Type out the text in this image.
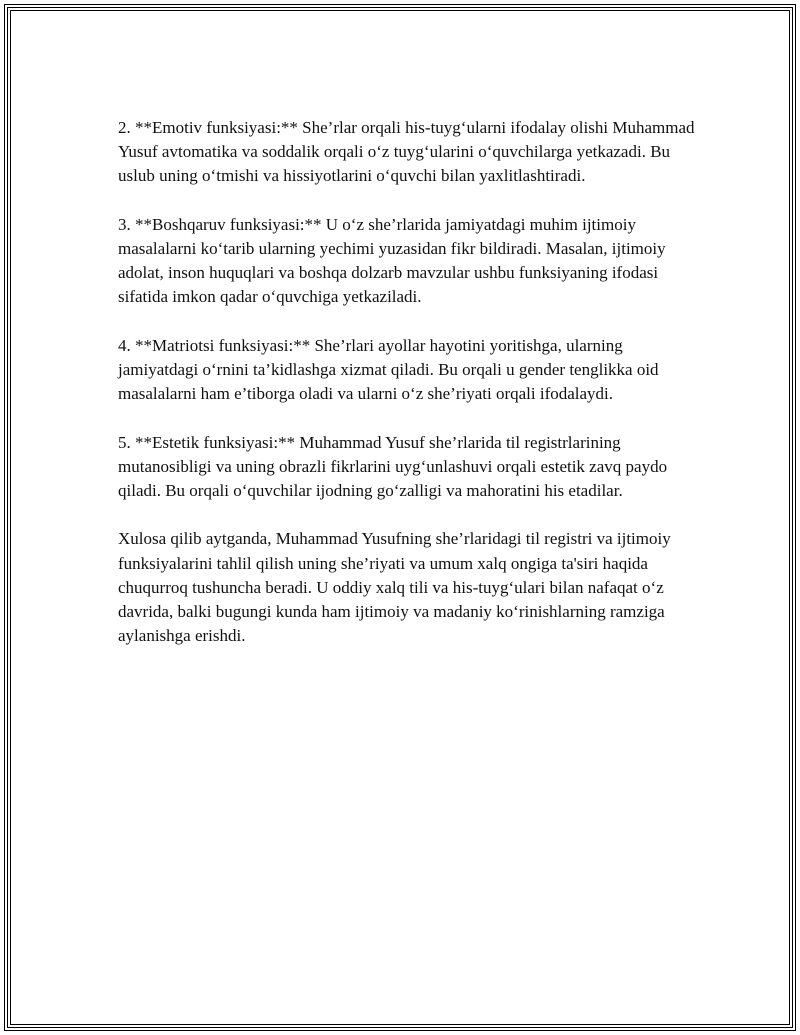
2. **Emotiv funksiyasi:** She’rlar orqali his-tuyg‘ularni ifodalay olishi Muhammad Yusuf avtomatika va soddalik orqali o‘z tuyg‘ularini o‘quvchilarga yetkazadi. Bu uslub uning o‘tmishi va hissiyotlarini o‘quvchi bilan yaxlitlashtiradi.

3. **Boshqaruv funksiyasi:** U o‘z she’rlarida jamiyatdagi muhim ijtimoiy masalalarni ko‘tarib ularning yechimi yuzasidan fikr bildiradi. Masalan, ijtimoiy adolat, inson huquqlari va boshqa dolzarb mavzular ushbu funksiyaning ifodasi sifatida imkon qadar o‘quvchiga yetkaziladi.

4. **Matriotsi funksiyasi:** She’rlari ayollar hayotini yoritishga, ularning jamiyatdagi o‘rnini ta’kidlashga xizmat qiladi. Bu orqali u gender tenglikka oid masalalarni ham e’tiborga oladi va ularni o‘z she’riyati orqali ifodalaydi.

5. **Estetik funksiyasi:** Muhammad Yusuf she’rlarida til registrlarining mutanosibligi va uning obrazli fikrlarini uyg‘unlashuvi orqali estetik zavq paydo qiladi. Bu orqali o‘quvchilar ijodning go‘zalligi va mahoratini his etadilar.

Xulosa qilib aytganda, Muhammad Yusufning she’rlaridagi til registri va ijtimoiy funksiyalarini tahlil qilish uning she’riyati va umum xalq ongiga ta'siri haqida chuqurroq tushuncha beradi. U oddiy xalq tili va his-tuyg‘ulari bilan nafaqat o‘z davrida, balki bugungi kunda ham ijtimoiy va madaniy ko‘rinishlarning ramziga aylanishga erishdi.
